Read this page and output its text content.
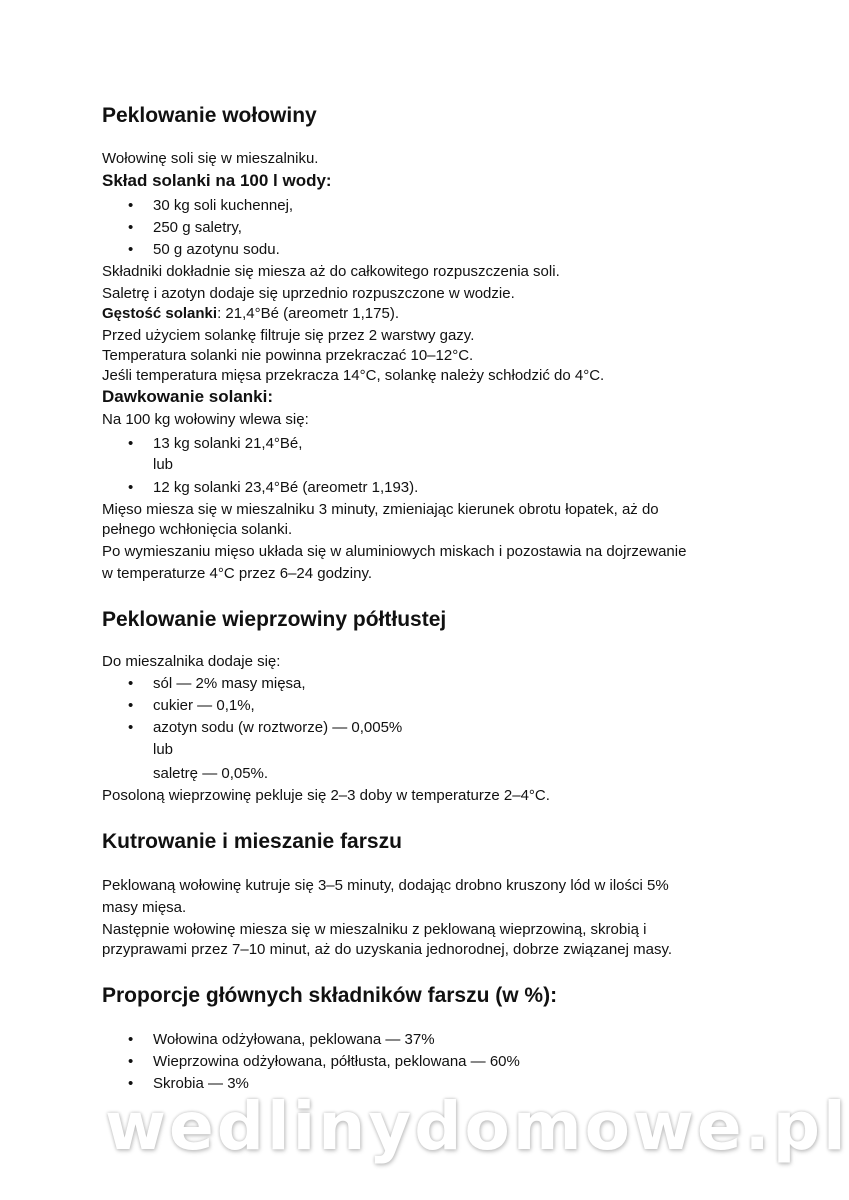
Peklowanie wołowiny
Wołowinę soli się w mieszalniku.
Skład solanki na 100 l wody:
30 kg soli kuchennej,
250 g saletry,
50 g azotynu sodu.
Składniki dokładnie się miesza aż do całkowitego rozpuszczenia soli.
Saletrę i azotyn dodaje się uprzednio rozpuszczone w wodzie.
Gęstość solanki: 21,4°Bé (areometr 1,175).
Przed użyciem solankę filtruje się przez 2 warstwy gazy.
Temperatura solanki nie powinna przekraczać 10–12°C.
Jeśli temperatura mięsa przekracza 14°C, solankę należy schłodzić do 4°C.
Dawkowanie solanki:
Na 100 kg wołowiny wlewa się:
13 kg solanki 21,4°Bé,
lub
12 kg solanki 23,4°Bé (areometr 1,193).
Mięso miesza się w mieszalniku 3 minuty, zmieniając kierunek obrotu łopatek, aż do
pełnego wchłonięcia solanki.
Po wymieszaniu mięso układa się w aluminiowych miskach i pozostawia na dojrzewanie
w temperaturze 4°C przez 6–24 godziny.
Peklowanie wieprzowiny półtłustej
Do mieszalnika dodaje się:
sól — 2% masy mięsa,
cukier — 0,1%,
azotyn sodu (w roztworze) — 0,005%
lub
saletrę — 0,05%.
Posoloną wieprzowinę pekluje się 2–3 doby w temperaturze 2–4°C.
Kutrowanie i mieszanie farszu
Peklowaną wołowinę kutruje się 3–5 minuty, dodając drobno kruszony lód w ilości 5%
masy mięsa.
Następnie wołowinę miesza się w mieszalniku z peklowaną wieprzowiną, skrobią i
przyprawami przez 7–10 minut, aż do uzyskania jednorodnej, dobrze związanej masy.
Proporcje głównych składników farszu (w %):
Wołowina odżyłowana, peklowana — 37%
Wieprzowina odżyłowana, półtłusta, peklowana — 60%
Skrobia — 3%
wedlinydomowe.pl
